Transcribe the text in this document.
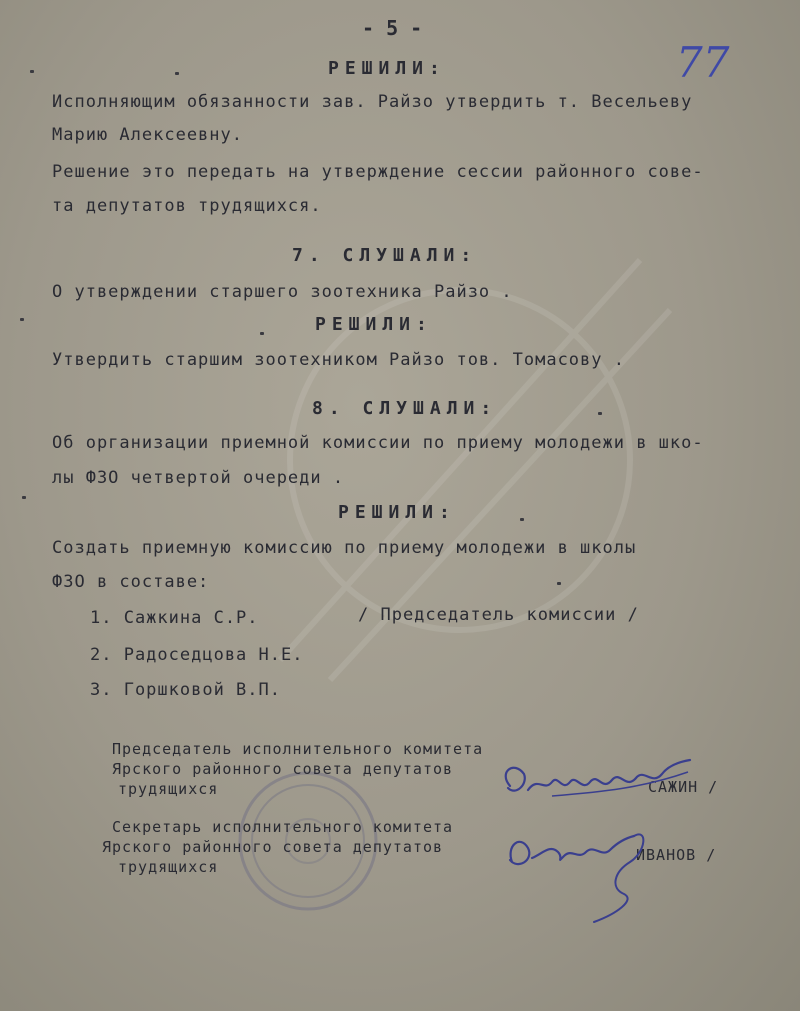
- 5 -
77
РЕШИЛИ:
Исполняющим обязанности зав. Райзо утвердить т. Весельеву
Марию Алексеевну.
Решение это передать на утверждение сессии районного сове-
та депутатов трудящихся.
7. СЛУШАЛИ:
О утверждении старшего зоотехника Райзо .
РЕШИЛИ:
Утвердить старшим зоотехником Райзо тов. Томасову .
8. СЛУШАЛИ:
Об организации приемной комиссии по приему молодежи в шко-
лы ФЗО четвертой очереди .
РЕШИЛИ:
Создать приемную комиссию по приему молодежи в школы
ФЗО в составе:
1. Сажкина С.Р.	/ Председатель комиссии /
2. Радоседцова Н.Е.
3. Горшковой В.П.
Председатель исполнительного комитета
Ярского районного совета депутатов
трудящихся	САЖИН /
Секретарь исполнительного комитета
Ярского районного совета депутатов
трудящихся
ИВАНОВ /
